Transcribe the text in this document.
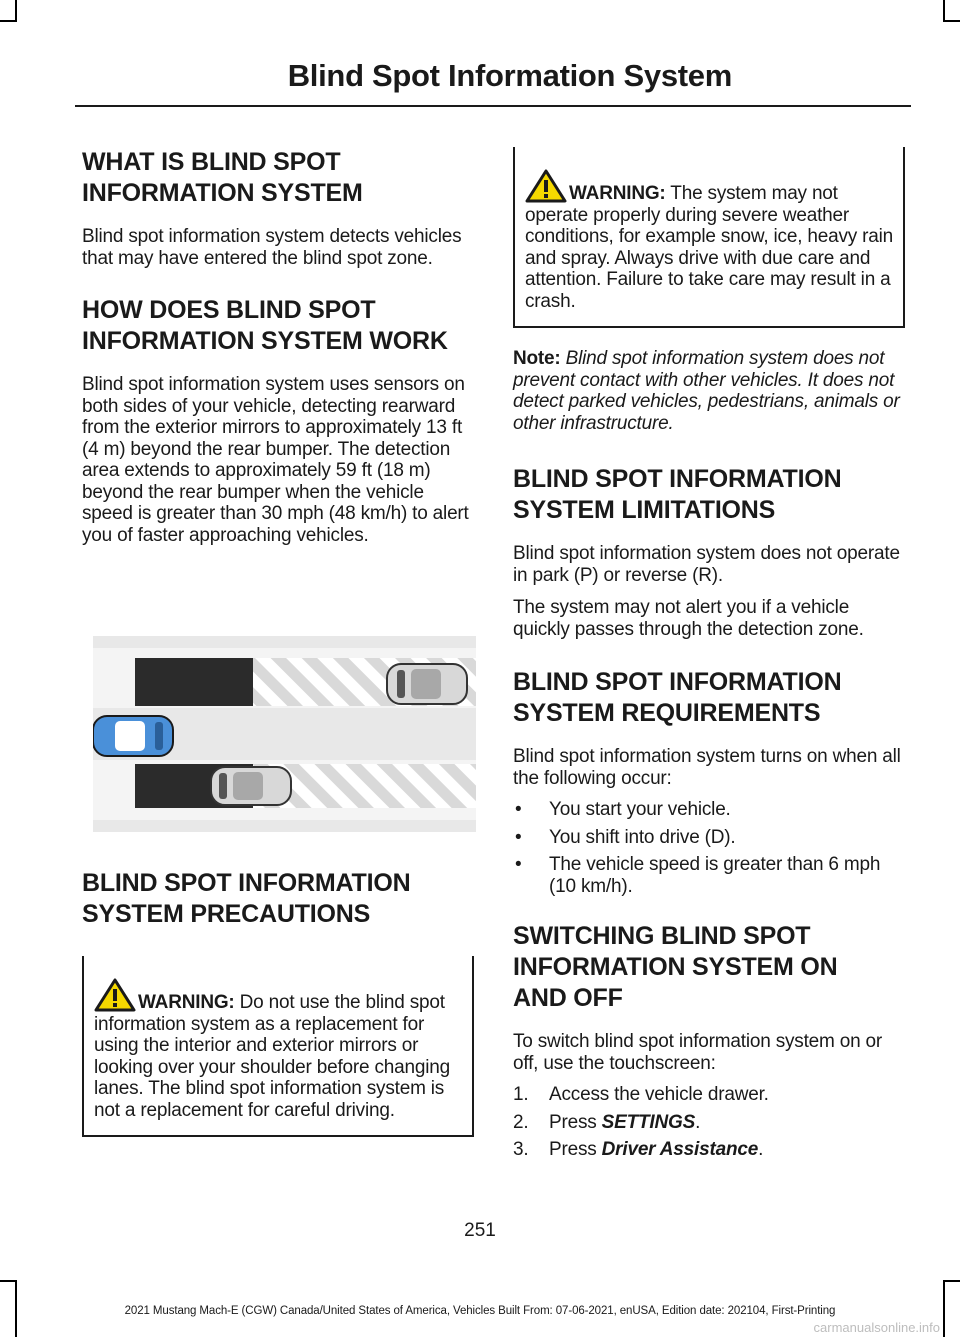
Blind Spot Information System
WHAT IS BLIND SPOT
INFORMATION SYSTEM

Blind spot information system detects vehicles that may have entered the blind spot zone.

HOW DOES BLIND SPOT
INFORMATION SYSTEM WORK

Blind spot information system uses sensors on both sides of your vehicle, detecting rearward from the exterior mirrors to approximately 13 ft (4 m) beyond the rear bumper. The detection area extends to approximately 59 ft (18 m) beyond the rear bumper when the vehicle speed is greater than 30 mph (48 km/h) to alert you of faster approaching vehicles.

BLIND SPOT INFORMATION
SYSTEM PRECAUTIONS
WARNING: Do not use the blind spot information system as a replacement for using the interior and exterior mirrors or looking over your shoulder before changing lanes. The blind spot information system is not a replacement for careful driving.
WARNING: The system may not operate properly during severe weather conditions, for example snow, ice, heavy rain and spray. Always drive with due care and attention. Failure to take care may result in a crash.

Note: Blind spot information system does not prevent contact with other vehicles. It does not detect parked vehicles, pedestrians, animals or other infrastructure.

BLIND SPOT INFORMATION
SYSTEM LIMITATIONS

Blind spot information system does not operate in park (P) or reverse (R).

The system may not alert you if a vehicle quickly passes through the detection zone.

BLIND SPOT INFORMATION
SYSTEM REQUIREMENTS

Blind spot information system turns on when all the following occur:

• You start your vehicle.
• You shift into drive (D).
• The vehicle speed is greater than 6 mph (10 km/h).
SWITCHING BLIND SPOT
INFORMATION SYSTEM ON
AND OFF

To switch blind spot information system on or off, use the touchscreen:

1. Access the vehicle drawer.
2. Press SETTINGS.
3. Press Driver Assistance.
251
2021 Mustang Mach-E (CGW) Canada/United States of America, Vehicles Built From: 07-06-2021, enUSA, Edition date: 202104, First-Printing
carmanualsonline.info
